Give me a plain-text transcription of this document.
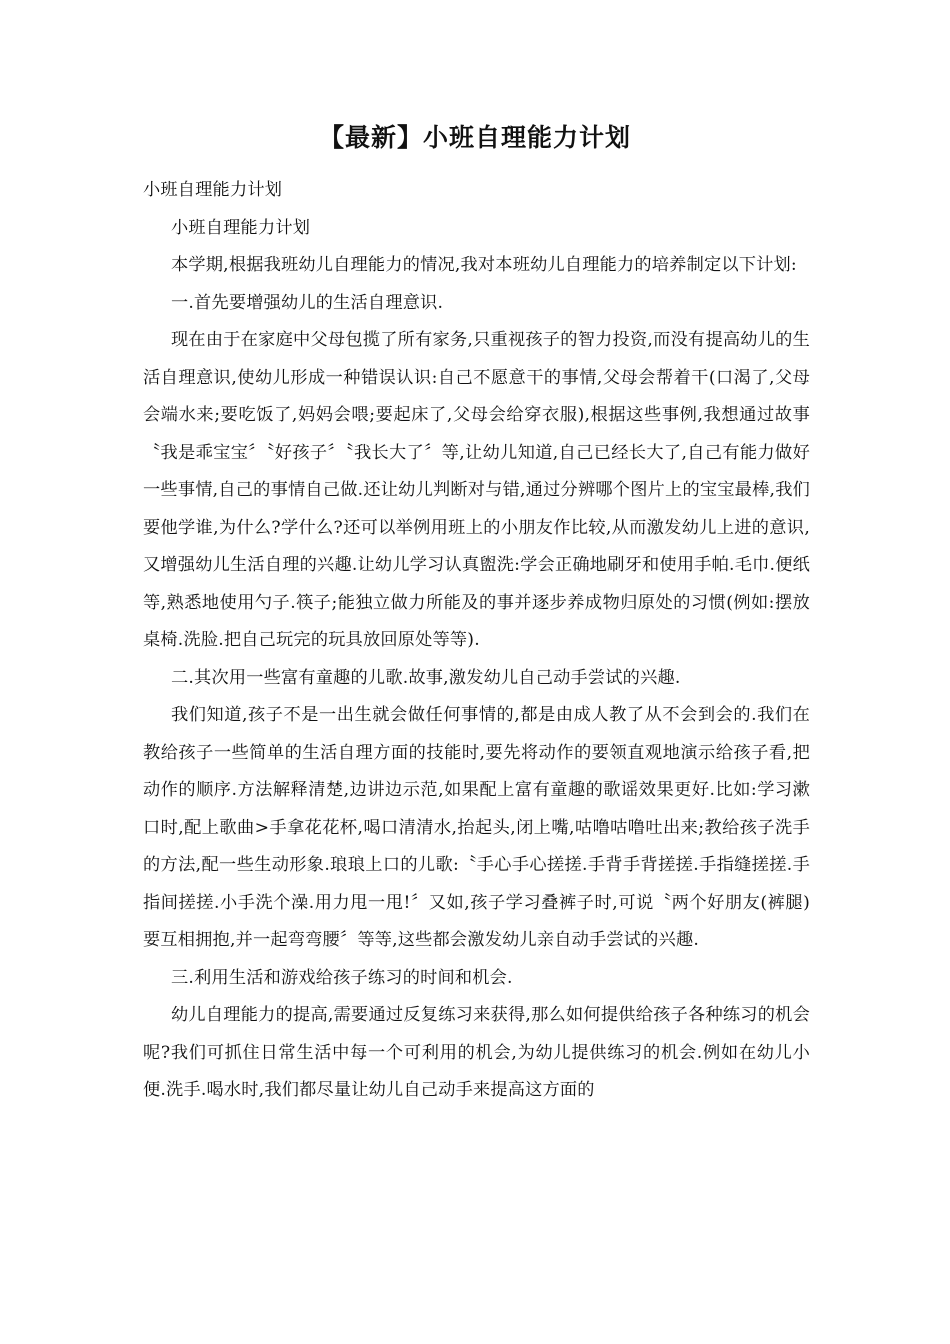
【最新】小班自理能力计划

小班自理能力计划

小班自理能力计划

本学期,根据我班幼儿自理能力的情况,我对本班幼儿自理能力的培养制定以下计划:

一.首先要增强幼儿的生活自理意识.

现在由于在家庭中父母包揽了所有家务,只重视孩子的智力投资,而没有提高幼儿的生活自理意识,使幼儿形成一种错误认识:自己不愿意干的事情,父母会帮着干(口渴了,父母会端水来;要吃饭了,妈妈会喂;要起床了,父母会给穿衣服),根据这些事例,我想通过故事〝我是乖宝宝〞〝好孩子〞〝我长大了〞等,让幼儿知道,自己已经长大了,自己有能力做好一些事情,自己的事情自己做.还让幼儿判断对与错,通过分辨哪个图片上的宝宝最棒,我们要他学谁,为什么?学什么?还可以举例用班上的小朋友作比较,从而激发幼儿上进的意识,又增强幼儿生活自理的兴趣.让幼儿学习认真盥洗:学会正确地刷牙和使用手帕.毛巾.便纸等,熟悉地使用勺子.筷子;能独立做力所能及的事并逐步养成物归原处的习惯(例如:摆放桌椅.洗脸.把自己玩完的玩具放回原处等等).

二.其次用一些富有童趣的儿歌.故事,激发幼儿自己动手尝试的兴趣.

我们知道,孩子不是一出生就会做任何事情的,都是由成人教了从不会到会的.我们在教给孩子一些简单的生活自理方面的技能时,要先将动作的要领直观地演示给孩子看,把动作的顺序.方法解释清楚,边讲边示范,如果配上富有童趣的歌谣效果更好.比如:学习漱口时,配上歌曲>手拿花花杯,喝口清清水,抬起头,闭上嘴,咕噜咕噜吐出来;教给孩子洗手的方法,配一些生动形象.琅琅上口的儿歌:〝手心手心搓搓.手背手背搓搓.手指缝搓搓.手指间搓搓.小手洗个澡.用力甩一甩!〞又如,孩子学习叠裤子时,可说〝两个好朋友(裤腿)要互相拥抱,并一起弯弯腰〞等等,这些都会激发幼儿亲自动手尝试的兴趣.

三.利用生活和游戏给孩子练习的时间和机会.

幼儿自理能力的提高,需要通过反复练习来获得,那么如何提供给孩子各种练习的机会呢?我们可抓住日常生活中每一个可利用的机会,为幼儿提供练习的机会.例如在幼儿小便.洗手.喝水时,我们都尽量让幼儿自己动手来提高这方面的
